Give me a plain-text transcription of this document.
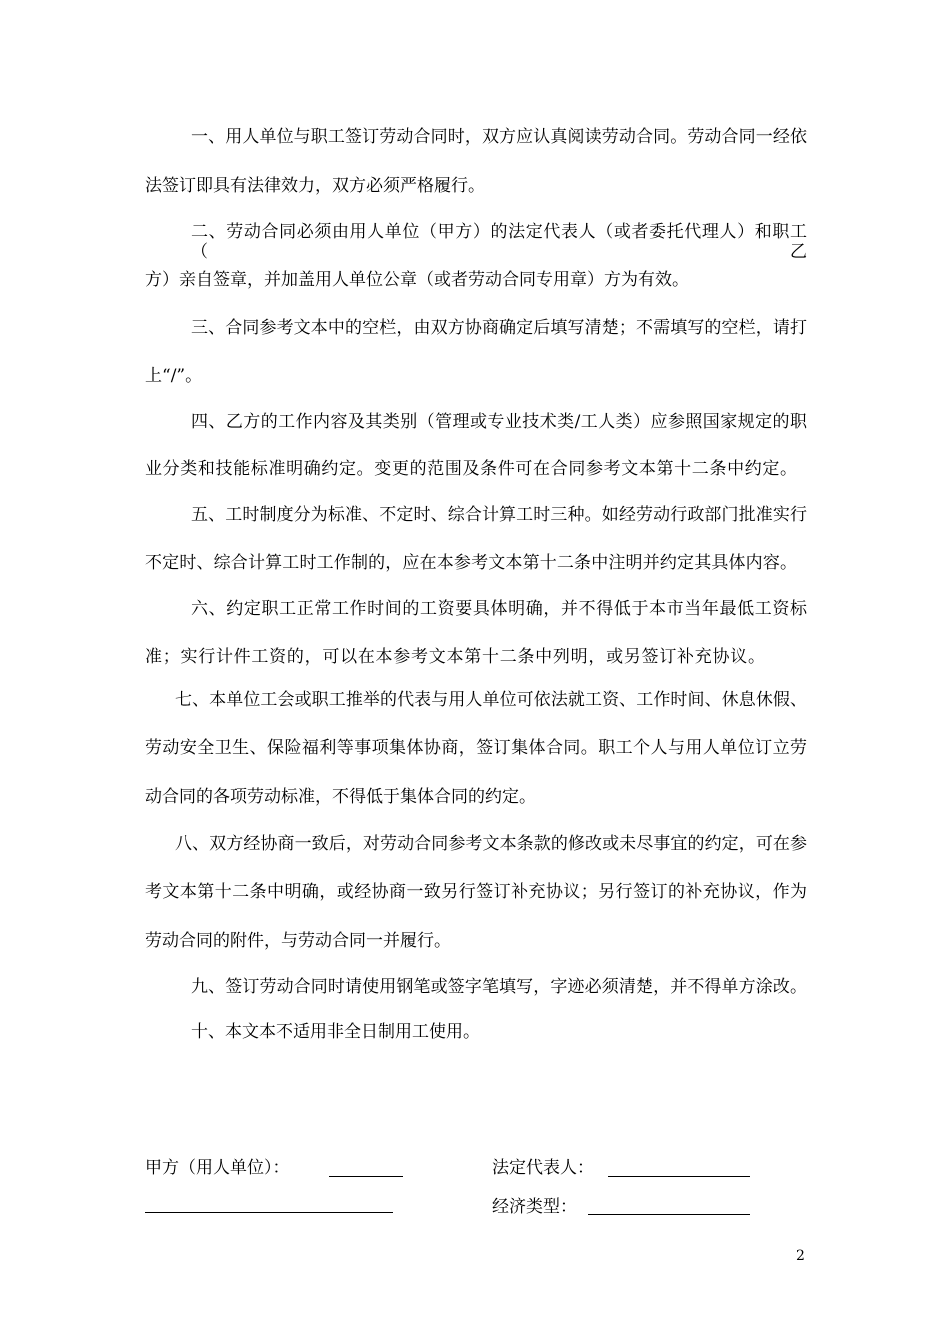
一、用人单位与职工签订劳动合同时，双方应认真阅读劳动合同。劳动合同一经依
法签订即具有法律效力，双方必须严格履行。
二、劳动合同必须由用人单位（甲方）的法定代表人（或者委托代理人）和职工（乙
方）亲自签章，并加盖用人单位公章（或者劳动合同专用章）方为有效。
三、合同参考文本中的空栏，由双方协商确定后填写清楚；不需填写的空栏，请打
上“/”。
四、乙方的工作内容及其类别（管理或专业技术类/工人类）应参照国家规定的职
业分类和技能标准明确约定。变更的范围及条件可在合同参考文本第十二条中约定。
五、工时制度分为标准、不定时、综合计算工时三种。如经劳动行政部门批准实行
不定时、综合计算工时工作制的，应在本参考文本第十二条中注明并约定其具体内容。
六、约定职工正常工作时间的工资要具体明确，并不得低于本市当年最低工资标
准；实行计件工资的，可以在本参考文本第十二条中列明，或另签订补充协议。
七、本单位工会或职工推举的代表与用人单位可依法就工资、工作时间、休息休假、
劳动安全卫生、保险福利等事项集体协商，签订集体合同。职工个人与用人单位订立劳
动合同的各项劳动标准，不得低于集体合同的约定。
八、双方经协商一致后，对劳动合同参考文本条款的修改或未尽事宜的约定，可在参
考文本第十二条中明确，或经协商一致另行签订补充协议；另行签订的补充协议，作为
劳动合同的附件，与劳动合同一并履行。
九、签订劳动合同时请使用钢笔或签字笔填写，字迹必须清楚，并不得单方涂改。
十、本文本不适用非全日制用工使用。
甲方（用人单位）：	法定代表人：
经济类型：
2
